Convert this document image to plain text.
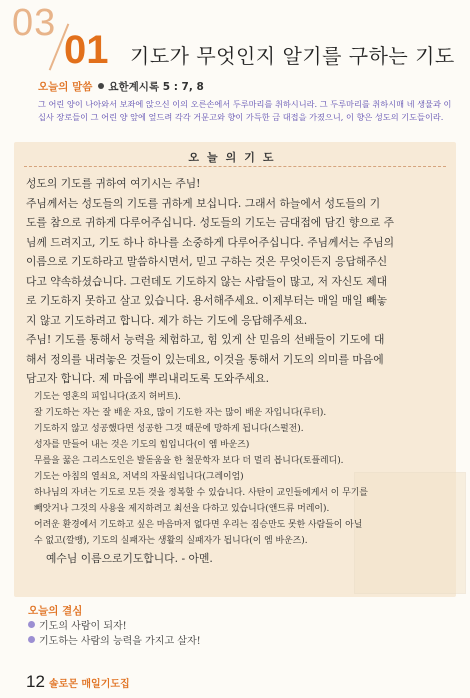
03
01 기도가 무엇인지 알기를 구하는 기도
오늘의 말씀 요한계시록 5 : 7, 8
그 어린 양이 나아와서 보좌에 앉으신 이의 오른손에서 두루마리를 취하시니라. 그 두루마리를 취하시매 네 생물과 이
십사 장로들이 그 어린 양 앞에 엎드려 각각 거문고와 향이 가득한 금 대접을 가졌으니, 이 향은 성도의 기도들이라.
오늘의기도
성도의 기도를 귀하여 여기시는 주님!
주님께서는 성도들의 기도를 귀하게 보십니다. 그래서 하늘에서 성도들의 기
도를 참으로 귀하게 다루어주십니다. 성도들의 기도는 금대접에 담긴 향으로 주
님께 드려지고, 기도 하나 하나를 소중하게 다루어주십니다. 주님께서는 주님의
이름으로 기도하라고 말씀하시면서, 믿고 구하는 것은 무엇이든지 응답해주신
다고 약속하셨습니다. 그런데도 기도하지 않는 사람들이 많고, 저 자신도 제대
로 기도하지 못하고 살고 있습니다. 용서해주세요. 이제부터는 매일 매일 빼놓
지 않고 기도하려고 합니다. 제가 하는 기도에 응답해주세요.
주님! 기도를 통해서 능력을 체험하고, 힘 있게 산 믿음의 선배들이 기도에 대
해서 정의를 내려놓은 것들이 있는데요, 이것을 통해서 기도의 의미를 마음에
담고자 합니다. 제 마음에 뿌리내리도록 도와주세요.
기도는 영혼의 피입니다(죠지 허버트).
잘 기도하는 자는 잘 배운 자요, 많이 기도한 자는 많이 배운 자입니다(루터).
기도하지 않고 성공했다면 성공한 그것 때문에 망하게 됩니다(스펄전).
성자를 만들어 내는 것은 기도의 힘입니다(이 엠 바운즈)
무릎을 꿇은 그리스도인은 발돋움을 한 철문학자 보다 더 멀리 봅니다(토플레디).
기도는 아침의 열쇠요, 저녁의 자물쇠입니다(그레이엄)
하나님의 자녀는 기도로 모든 것을 정복할 수 있습니다. 사탄이 교인들에게서 이 무기를
빼앗거나 그것의 사용을 제지하려고 최선을 다하고 있습니다(앤드류 머레이).
어려운 환경에서 기도하고 싶은 마음마저 없다면 우리는 짐승만도 못한 사람들이 아닐
수 없고(깔뱅), 기도의 실패자는 생활의 실패자가 됩니다(이 엠 바운즈).
예수님 이름으로기도합니다. - 아멘.
오늘의 결심
기도의 사람이 되자!
기도하는 사람의 능력을 가지고 살자!
12 솔로몬 매일기도집
